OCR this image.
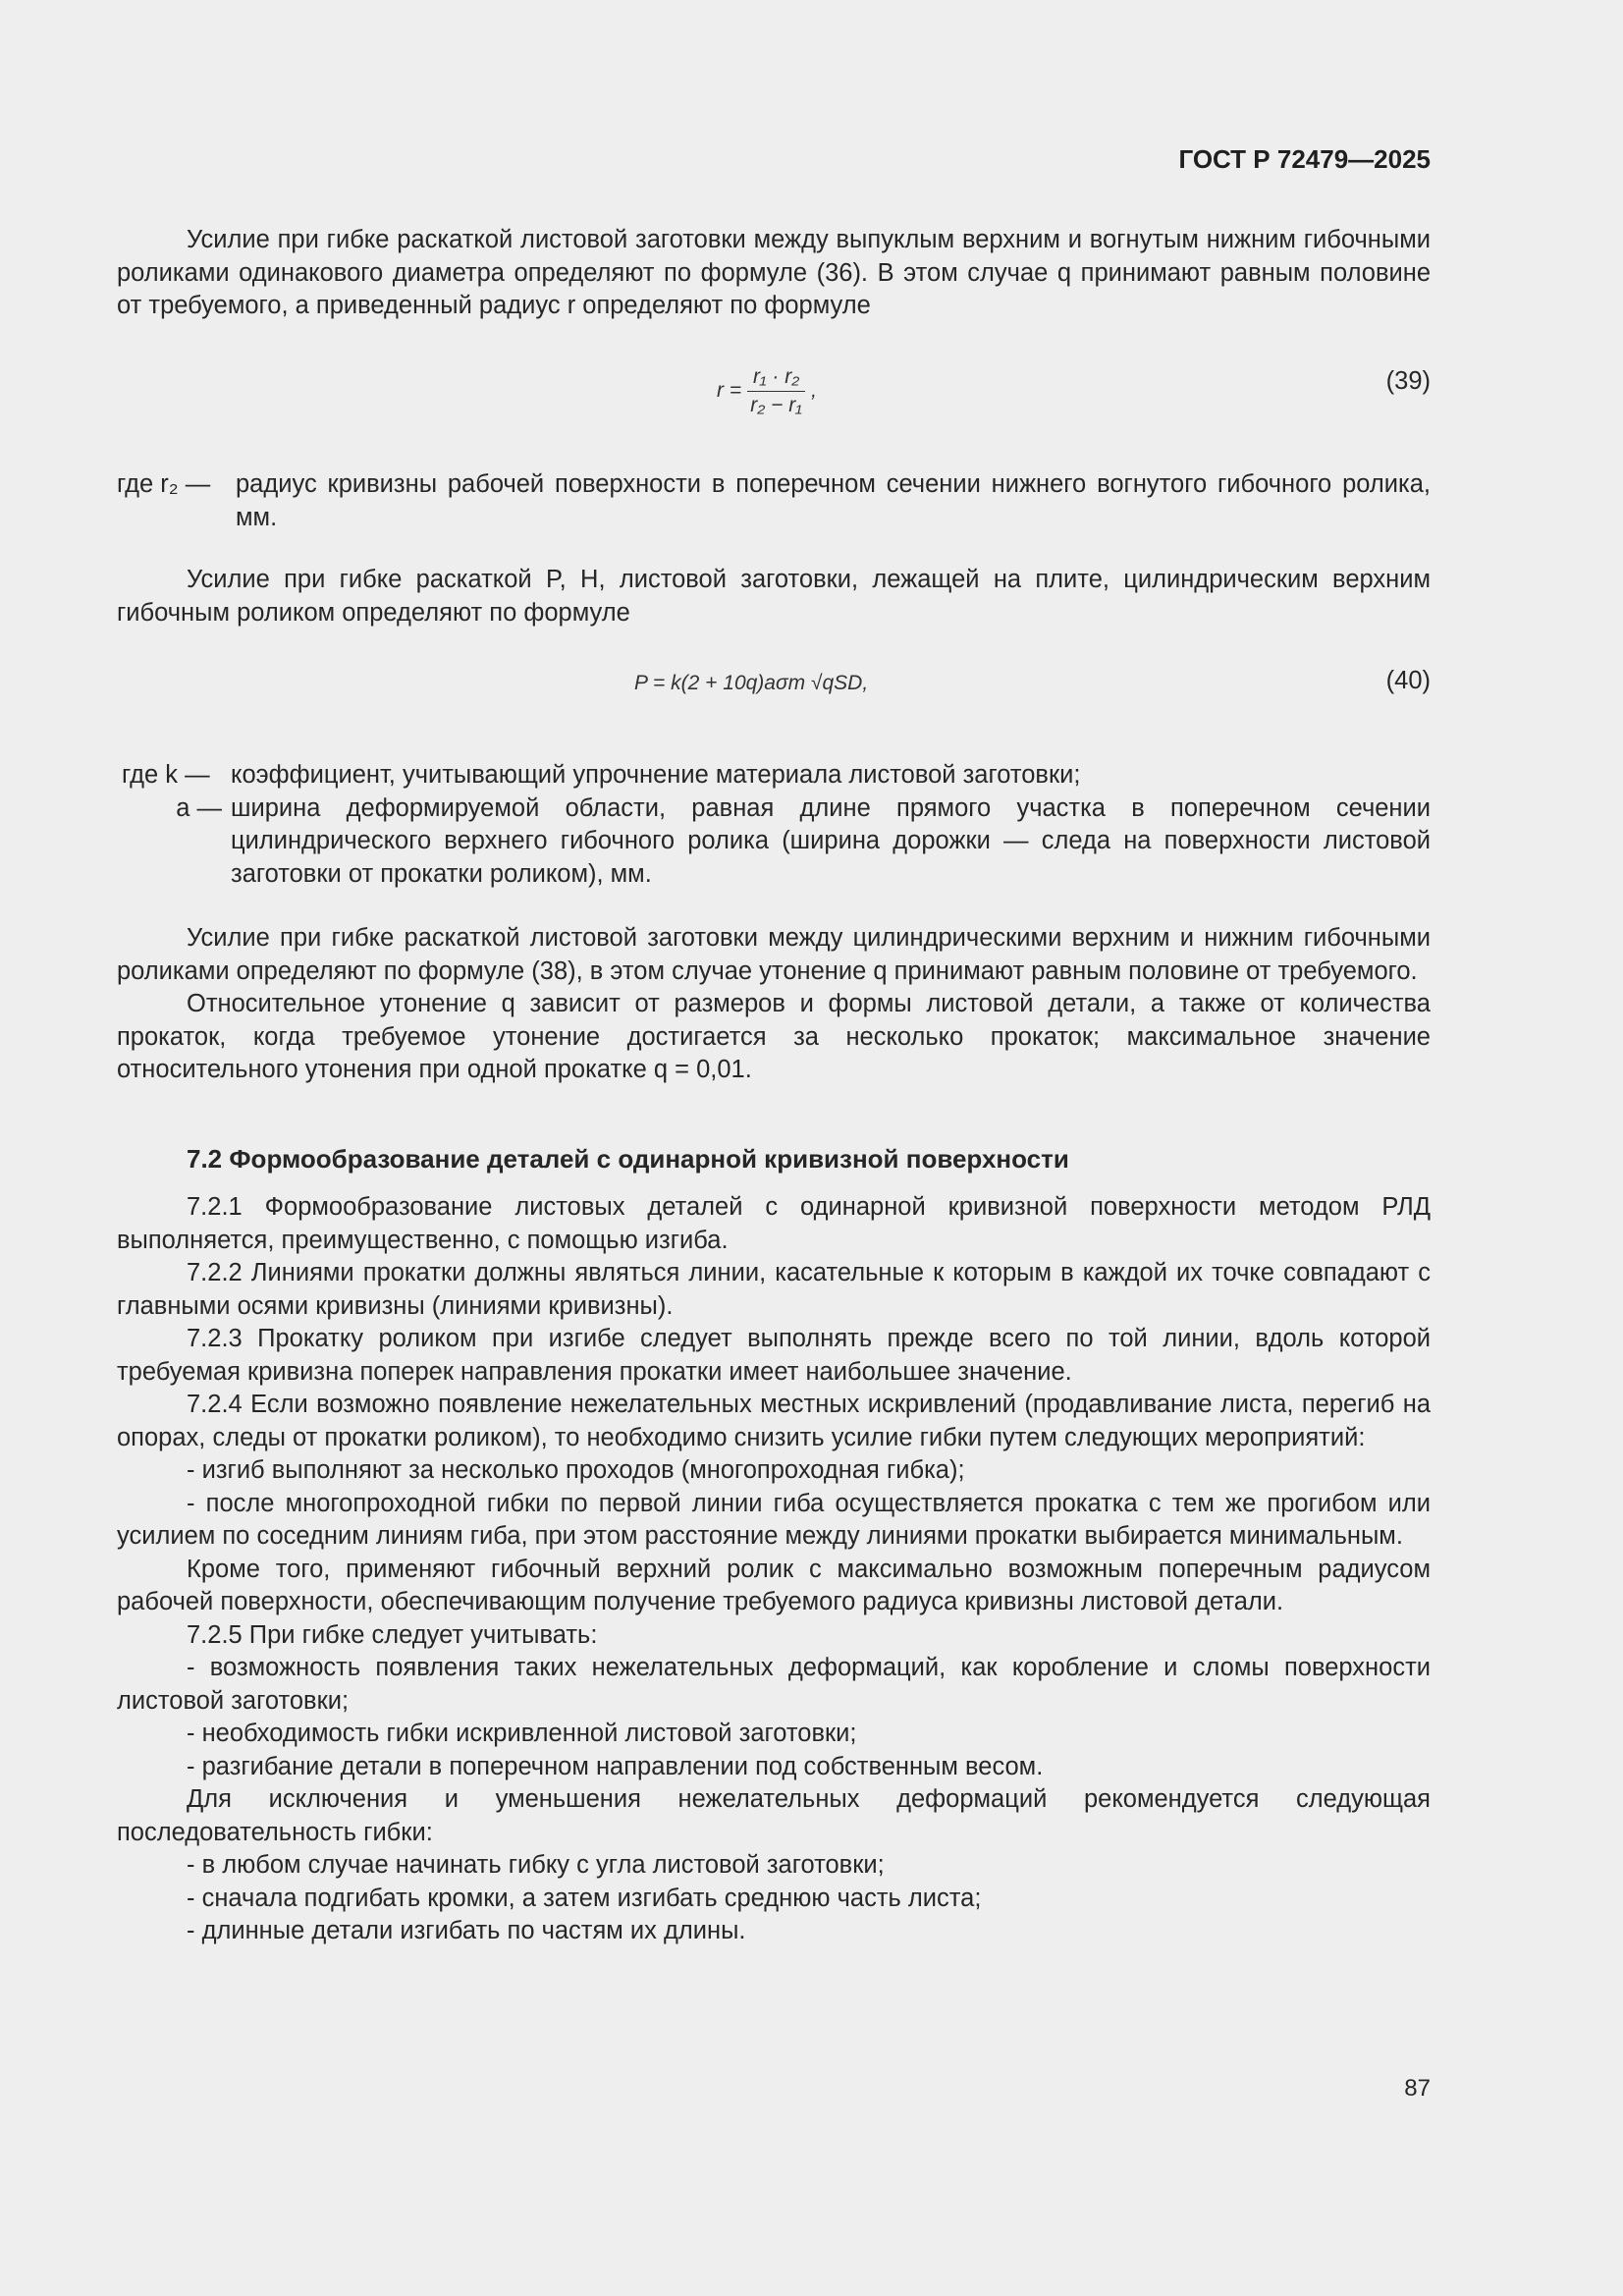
ГОСТ Р 72479—2025

Усилие при гибке раскаткой листовой заготовки между выпуклым верхним и вогнутым нижним гибочными роликами одинакового диаметра определяют по формуле (36). В этом случае q принимают равным половине от требуемого, а приведенный радиус r определяют по формуле

$r = \frac{\text{r₁ · r₂}}{\text{r₂ − r₁}}$ ,	(39)
где r₂ —	радиус кривизны рабочей поверхности в поперечном сечении нижнего вогнутого гибочного ролика, мм.

Усилие при гибке раскаткой P, Н, листовой заготовки, лежащей на плите, цилиндрическим верхним гибочным роликом определяют по формуле

P = k(2 + 10q)aσт √qSD,	(40)
где k — коэффициент, учитывающий упрочнение материала листовой заготовки;
a — ширина деформируемой области, равная длине прямого участка в поперечном сечении цилиндрического верхнего гибочного ролика (ширина дорожки — следа на поверхности листовой заготовки от прокатки роликом), мм.

Усилие при гибке раскаткой листовой заготовки между цилиндрическими верхним и нижним гибочными роликами определяют по формуле (38), в этом случае утонение q принимают равным половине от требуемого.

Относительное утонение q зависит от размеров и формы листовой детали, а также от количества прокаток, когда требуемое утонение достигается за несколько прокаток; максимальное значение относительного утонения при одной прокатке q = 0,01.

7.2 Формообразование деталей с одинарной кривизной поверхности

7.2.1 Формообразование листовых деталей с одинарной кривизной поверхности методом РЛД выполняется, преимущественно, с помощью изгиба.

7.2.2 Линиями прокатки должны являться линии, касательные к которым в каждой их точке совпадают с главными осями кривизны (линиями кривизны).

7.2.3 Прокатку роликом при изгибе следует выполнять прежде всего по той линии, вдоль которой требуемая кривизна поперек направления прокатки имеет наибольшее значение.

7.2.4 Если возможно появление нежелательных местных искривлений (продавливание листа, перегиб на опорах, следы от прокатки роликом), то необходимо снизить усилие гибки путем следующих мероприятий:

- изгиб выполняют за несколько проходов (многопроходная гибка);

- после многопроходной гибки по первой линии гиба осуществляется прокатка с тем же прогибом или усилием по соседним линиям гиба, при этом расстояние между линиями прокатки выбирается минимальным.

Кроме того, применяют гибочный верхний ролик с максимально возможным поперечным радиусом рабочей поверхности, обеспечивающим получение требуемого радиуса кривизны листовой детали.

7.2.5 При гибке следует учитывать:

- возможность появления таких нежелательных деформаций, как коробление и сломы поверхности листовой заготовки;

- необходимость гибки искривленной листовой заготовки;

- разгибание детали в поперечном направлении под собственным весом.

Для исключения и уменьшения нежелательных деформаций рекомендуется следующая последовательность гибки:

- в любом случае начинать гибку с угла листовой заготовки;

- сначала подгибать кромки, а затем изгибать среднюю часть листа;

- длинные детали изгибать по частям их длины.

87
